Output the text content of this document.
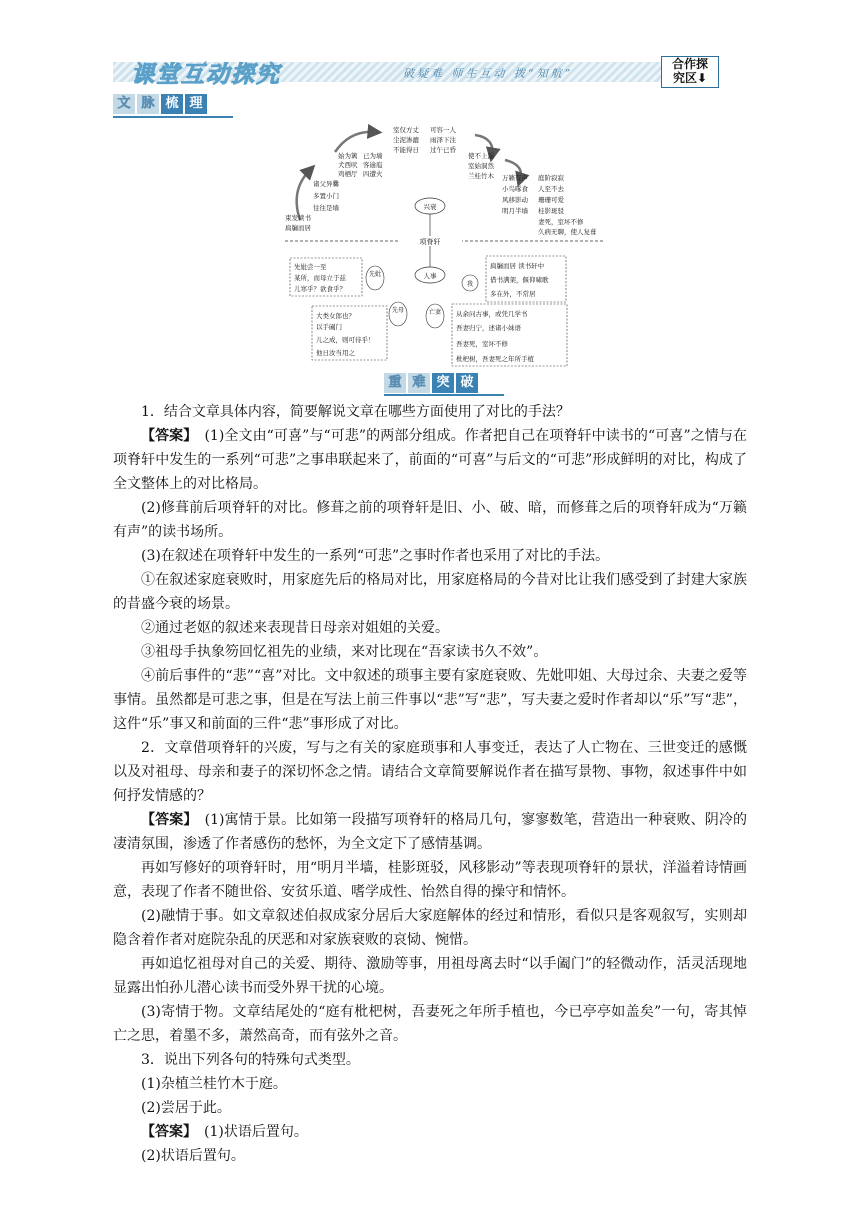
课堂互动探究	破疑难 师生互动 拨“知航”
合作探
究区⬇
文 脉 梳 理
项脊轩
兴衰
人事
先妣
我
先母	亡妻
束发读书
扃牖而居
诸父异爨
多置小门
往往是墙
始为篱
犬西吠
鸡栖厅
已为墙
客逾庖
四遭火
室仅方丈
尘泥渗漉
不能得日
可容一人
雨泽下注
过午已昏
使不上漏
室始洞然
兰桂竹木 万籁有声
小鸟啄食
风移影动
明月半墙
庭阶寂寂
人至不去
珊珊可爱
桂影斑驳
妻死，室坏不修
久病无聊，使人复葺
先妣尝一至
某所，而母立于兹
儿寒乎？欲食乎？
大类女郎也？
以手阖门
儿之成，则可待乎！
他日汝当用之
扃牖而居 读书轩中
借书满架，偃仰啸歌
多在外，不常居
从余问古事，或凭几学书
吾妻归宁，述诸小妹语
吾妻死，室坏不修
枇杷树，吾妻死之年所手植
重 难 突 破

1．结合文章具体内容，简要解说文章在哪些方面使用了对比的手法？

【答案】　(1)全文由“可喜”与“可悲”的两部分组成。作者把自己在项脊轩中读书的“可喜”之情与在项脊轩中发生的一系列“可悲”之事串联起来了，前面的“可喜”与后文的“可悲”形成鲜明的对比，构成了全文整体上的对比格局。

(2)修葺前后项脊轩的对比。修葺之前的项脊轩是旧、小、破、暗，而修葺之后的项脊轩成为“万籁有声”的读书场所。

(3)在叙述在项脊轩中发生的一系列“可悲”之事时作者也采用了对比的手法。

①在叙述家庭衰败时，用家庭先后的格局对比，用家庭格局的今昔对比让我们感受到了封建大家族的昔盛今衰的场景。

②通过老妪的叙述来表现昔日母亲对姐姐的关爱。

③祖母手执象笏回忆祖先的业绩，来对比现在“吾家读书久不效”。

④前后事件的“悲”“喜”对比。文中叙述的琐事主要有家庭衰败、先妣叩姐、大母过余、夫妻之爱等事情。虽然都是可悲之事，但是在写法上前三件事以“悲”写“悲”，写夫妻之爱时作者却以“乐”写“悲”，这件“乐”事又和前面的三件“悲”事形成了对比。

2．文章借项脊轩的兴废，写与之有关的家庭琐事和人事变迁，表达了人亡物在、三世变迁的感慨以及对祖母、母亲和妻子的深切怀念之情。请结合文章简要解说作者在描写景物、事物，叙述事件中如何抒发情感的？

【答案】　(1)寓情于景。比如第一段描写项脊轩的格局几句，寥寥数笔，营造出一种衰败、阴冷的凄清氛围，渗透了作者感伤的愁怀，为全文定下了感情基调。

再如写修好的项脊轩时，用“明月半墙，桂影斑驳，风移影动”等表现项脊轩的景状，洋溢着诗情画意，表现了作者不随世俗、安贫乐道、嗜学成性、怡然自得的操守和情怀。

(2)融情于事。如文章叙述伯叔成家分居后大家庭解体的经过和情形，看似只是客观叙写，实则却隐含着作者对庭院杂乱的厌恶和对家族衰败的哀恸、惋惜。

再如追忆祖母对自己的关爱、期待、激励等事，用祖母离去时“以手阖门”的轻微动作，活灵活现地显露出怕孙儿潜心读书而受外界干扰的心境。

(3)寄情于物。文章结尾处的“庭有枇杷树，吾妻死之年所手植也，今已亭亭如盖矣”一句，寄其悼亡之思，着墨不多，萧然高奇，而有弦外之音。

3．说出下列各句的特殊句式类型。

(1)杂植兰桂竹木于庭。

(2)尝居于此。

【答案】　(1)状语后置句。

(2)状语后置句。
